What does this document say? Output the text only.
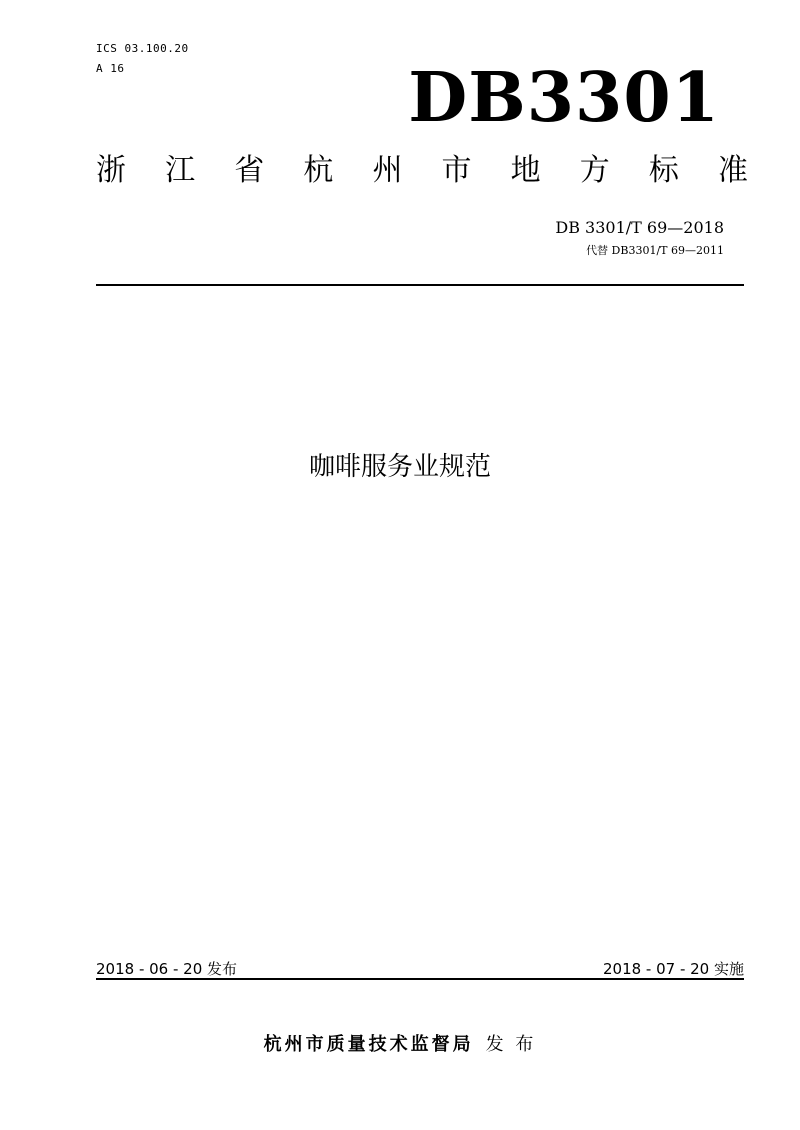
ICS 03.100.20
A 16	DB3301
浙 江 省 杭 州 市 地 方 标 准
DB 3301/T 69—2018
代替 DB3301/T 69—2011
咖啡服务业规范
2018 - 06 - 20 发布	2018 - 07 - 20 实施
杭州市质量技术监督局 发 布
